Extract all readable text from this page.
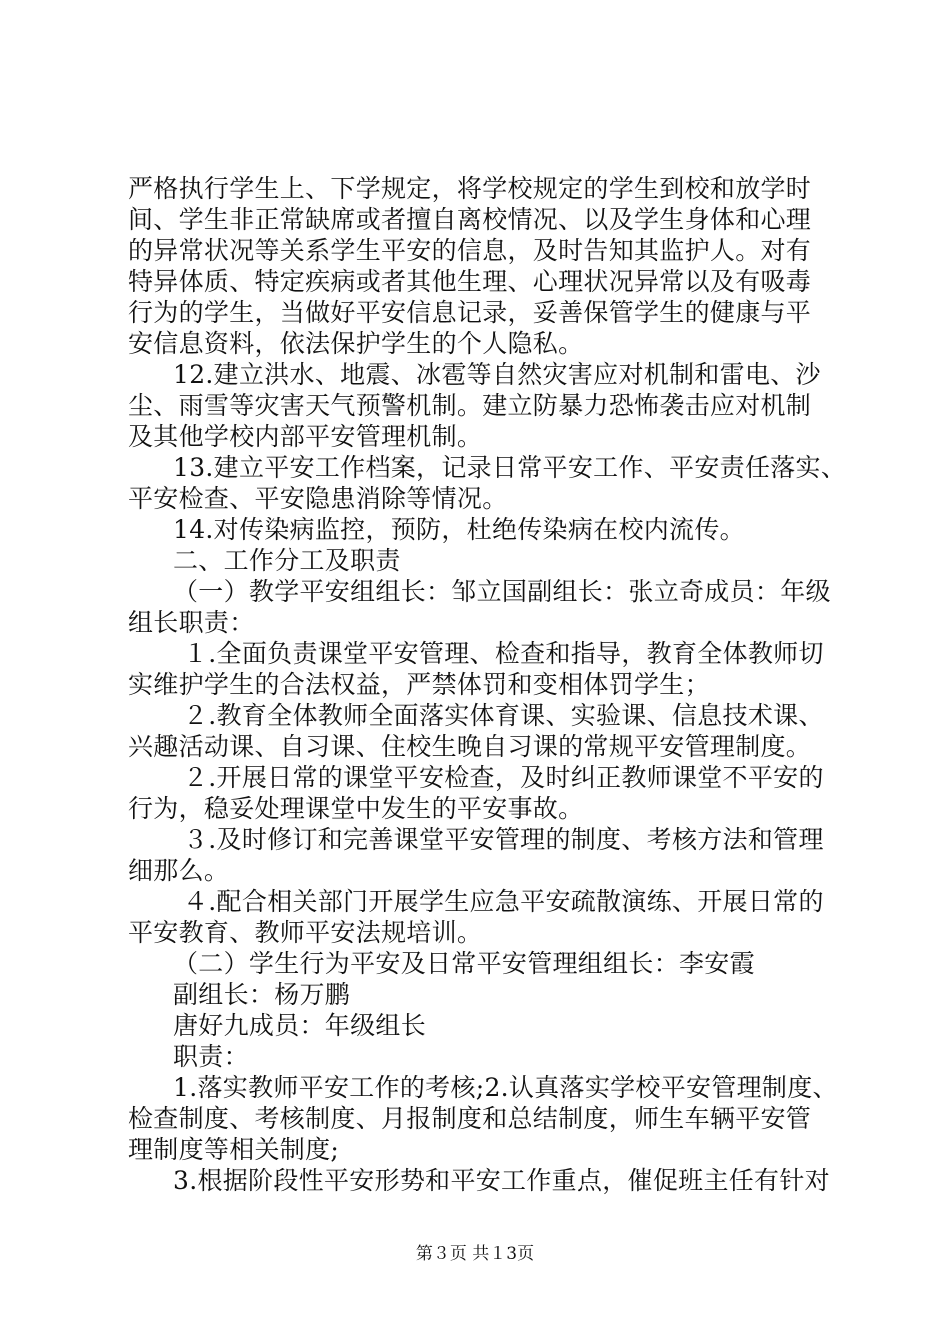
严格执行学生上、下学规定，将学校规定的学生到校和放学时
间、学生非正常缺席或者擅自离校情况、以及学生身体和心理
的异常状况等关系学生平安的信息，及时告知其监护人。对有
特异体质、特定疾病或者其他生理、心理状况异常以及有吸毒
行为的学生，当做好平安信息记录，妥善保管学生的健康与平
安信息资料，依法保护学生的个人隐私。
12.建立洪水、地震、冰雹等自然灾害应对机制和雷电、沙
尘、雨雪等灾害天气预警机制。建立防暴力恐怖袭击应对机制
及其他学校内部平安管理机制。
13.建立平安工作档案，记录日常平安工作、平安责任落实、
平安检查、平安隐患消除等情况。
14.对传染病监控，预防，杜绝传染病在校内流传。
二、工作分工及职责
（一）教学平安组组长：邹立国副组长：张立奇成员：年级
组长职责：
１.全面负责课堂平安管理、检查和指导，教育全体教师切
实维护学生的合法权益，严禁体罚和变相体罚学生；
２.教育全体教师全面落实体育课、实验课、信息技术课、
兴趣活动课、自习课、住校生晚自习课的常规平安管理制度。
２.开展日常的课堂平安检查，及时纠正教师课堂不平安的
行为，稳妥处理课堂中发生的平安事故。
３.及时修订和完善课堂平安管理的制度、考核方法和管理
细那么。
４.配合相关部门开展学生应急平安疏散演练、开展日常的
平安教育、教师平安法规培训。
（二）学生行为平安及日常平安管理组组长：李安霞
副组长：杨万鹏
唐好九成员：年级组长
职责：
1.落实教师平安工作的考核;2.认真落实学校平安管理制度、
检查制度、考核制度、月报制度和总结制度，师生车辆平安管
理制度等相关制度;
3.根据阶段性平安形势和平安工作重点，催促班主任有针对
第３页 共１3页
